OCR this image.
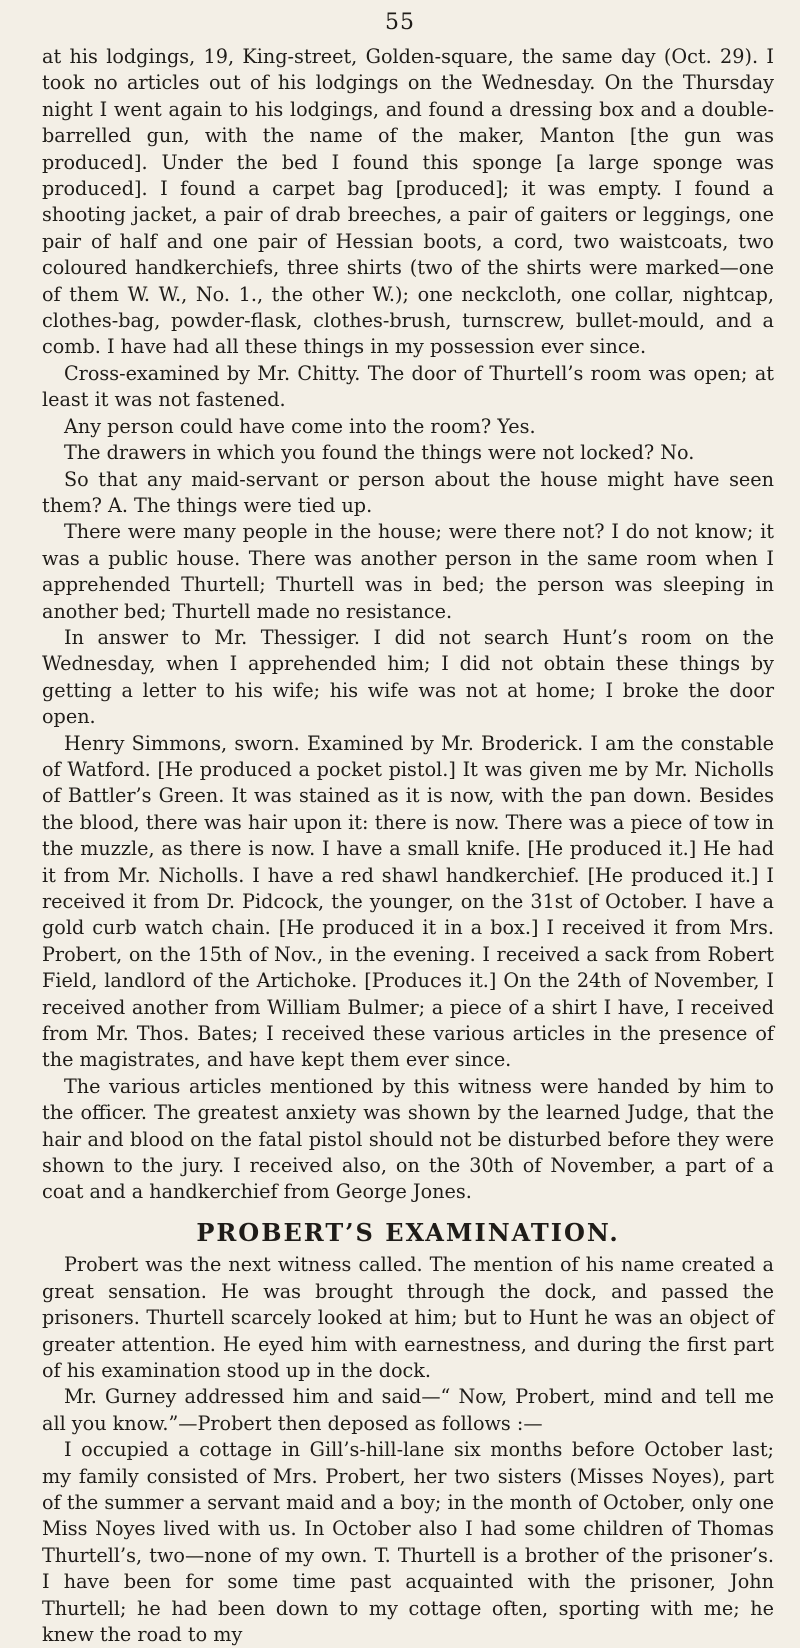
55

at his lodgings, 19, King-street, Golden-square, the same day (Oct. 29). I took no articles out of his lodgings on the Wednesday. On the Thursday night I went again to his lodgings, and found a dressing box and a double-barrelled gun, with the name of the maker, Manton [the gun was produced]. Under the bed I found this sponge [a large sponge was produced]. I found a carpet bag [produced]; it was empty. I found a shooting jacket, a pair of drab breeches, a pair of gaiters or leggings, one pair of half and one pair of Hessian boots, a cord, two waistcoats, two coloured handkerchiefs, three shirts (two of the shirts were marked—one of them W. W., No. 1., the other W.); one neckcloth, one collar, nightcap, clothes-bag, powder-flask, clothes-brush, turnscrew, bullet-mould, and a comb. I have had all these things in my possession ever since.

Cross-examined by Mr. Chitty. The door of Thurtell’s room was open; at least it was not fastened.

Any person could have come into the room? Yes.

The drawers in which you found the things were not locked? No.

So that any maid-servant or person about the house might have seen them? A. The things were tied up.

There were many people in the house; were there not? I do not know; it was a public house. There was another person in the same room when I apprehended Thurtell; Thurtell was in bed; the person was sleeping in another bed; Thurtell made no resistance.

In answer to Mr. Thessiger. I did not search Hunt’s room on the Wednesday, when I apprehended him; I did not obtain these things by getting a letter to his wife; his wife was not at home; I broke the door open.

Henry Simmons, sworn. Examined by Mr. Broderick. I am the constable of Watford. [He produced a pocket pistol.] It was given me by Mr. Nicholls of Battler’s Green. It was stained as it is now, with the pan down. Besides the blood, there was hair upon it: there is now. There was a piece of tow in the muzzle, as there is now. I have a small knife. [He produced it.] He had it from Mr. Nicholls. I have a red shawl handkerchief. [He produced it.] I received it from Dr. Pidcock, the younger, on the 31st of October. I have a gold curb watch chain. [He produced it in a box.] I received it from Mrs. Probert, on the 15th of Nov., in the evening. I received a sack from Robert Field, landlord of the Artichoke. [Produces it.] On the 24th of November, I received another from William Bulmer; a piece of a shirt I have, I received from Mr. Thos. Bates; I received these various articles in the presence of the magistrates, and have kept them ever since.

The various articles mentioned by this witness were handed by him to the officer. The greatest anxiety was shown by the learned Judge, that the hair and blood on the fatal pistol should not be disturbed before they were shown to the jury. I received also, on the 30th of November, a part of a coat and a handkerchief from George Jones.

PROBERT’S EXAMINATION.

Probert was the next witness called. The mention of his name created a great sensation. He was brought through the dock, and passed the prisoners. Thurtell scarcely looked at him; but to Hunt he was an object of greater attention. He eyed him with earnestness, and during the first part of his examination stood up in the dock.

Mr. Gurney addressed him and said—“ Now, Probert, mind and tell me all you know.”—Probert then deposed as follows :—

I occupied a cottage in Gill’s-hill-lane six months before October last; my family consisted of Mrs. Probert, her two sisters (Misses Noyes), part of the summer a servant maid and a boy; in the month of October, only one Miss Noyes lived with us. In October also I had some children of Thomas Thurtell’s, two—none of my own. T. Thurtell is a brother of the prisoner’s. I have been for some time past acquainted with the prisoner, John Thurtell; he had been down to my cottage often, sporting with me; he knew the road to my
